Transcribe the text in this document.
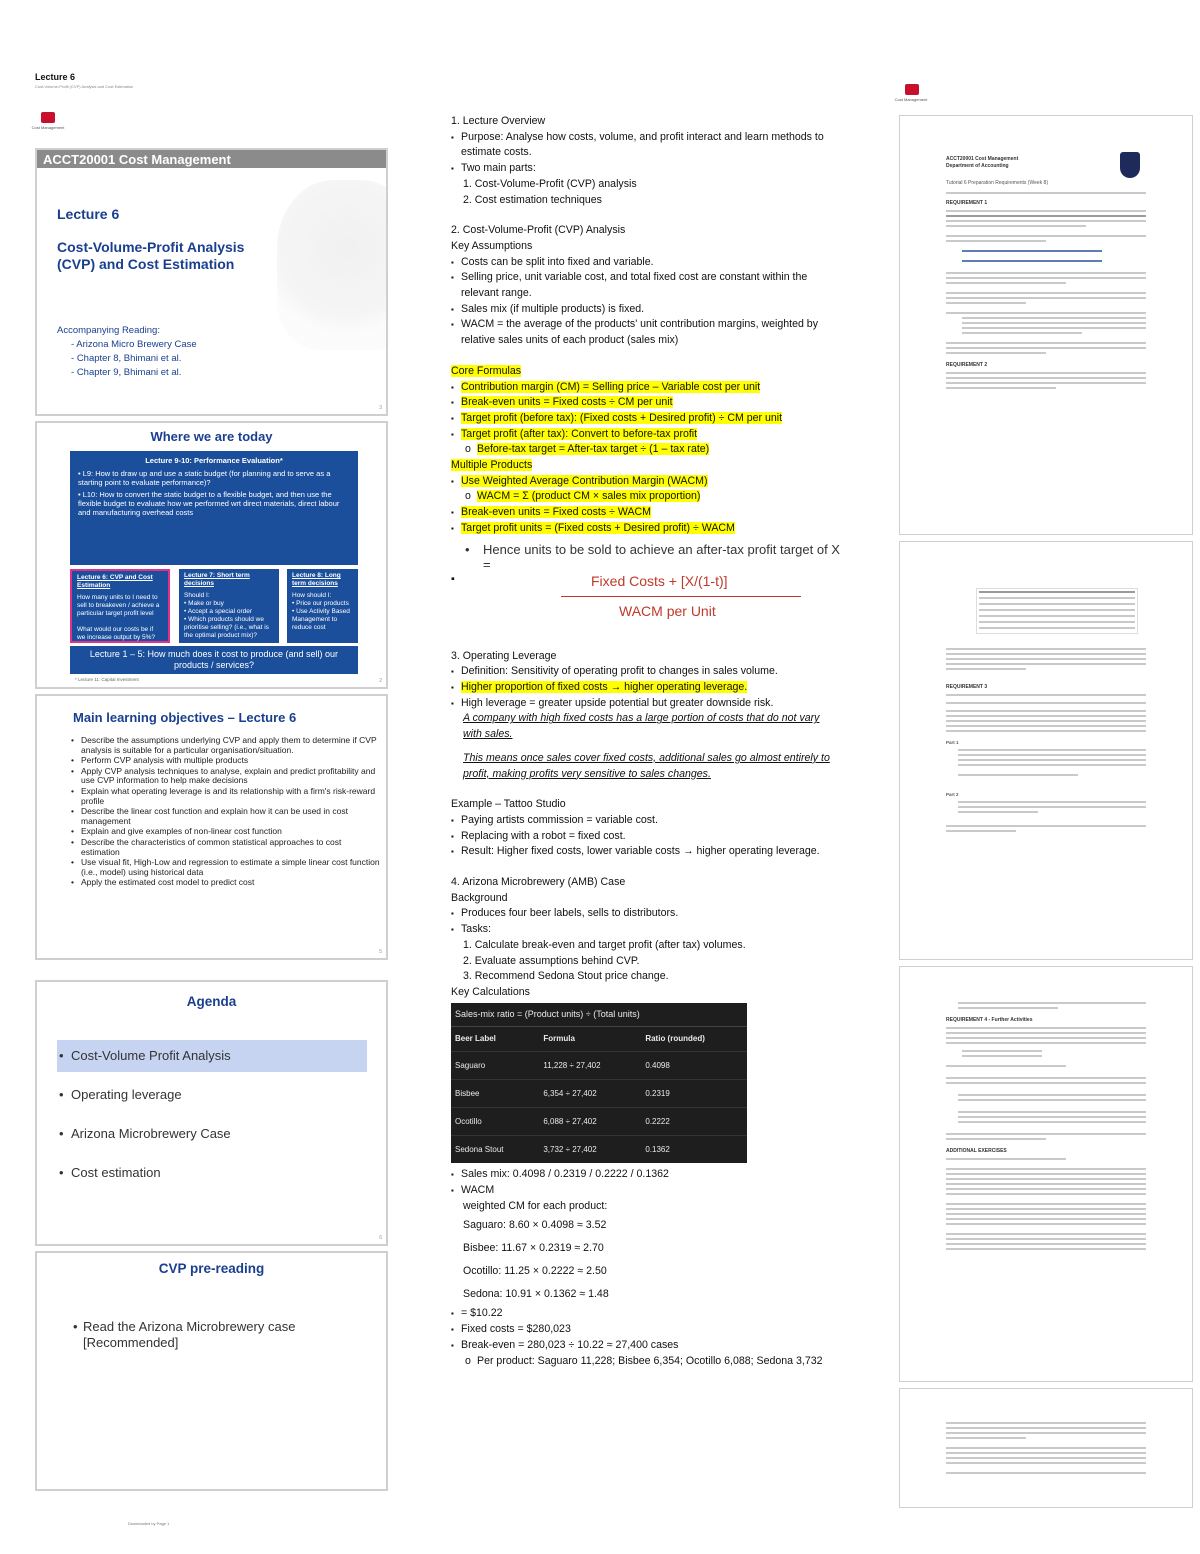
Lecture 6
Cost-Volume-Profit (CVP) Analysis and Cost Estimation
Cost Management
Cost Management
Downloaded by Page 1
ACCT20001 Cost Management
Lecture 6
Cost-Volume-Profit Analysis
(CVP) and Cost Estimation
Accompanying Reading:
- Arizona Micro Brewery Case
- Chapter 8, Bhimani et al.
- Chapter 9, Bhimani et al.
3
Where we are today
Lecture 9-10: Performance Evaluation*

• L9: How to draw up and use a static budget (for planning and to serve as a starting point to evaluate performance)?

• L10: How to convert the static budget to a flexible budget, and then use the flexible budget to evaluate how we performed wrt direct materials, direct labour and manufacturing overhead costs

Lecture 6: CVP and Cost Estimation
How many units to I need to sell to breakeven / achieve a particular target profit level

What would our costs be if we increase output by 5%?
Lecture 7: Short term decisions
Should I:
• Make or buy
• Accept a special order
• Which products should we prioritise selling? (i.e., what is the optimal product mix)?
Lecture 8: Long term decisions
How should I:
• Price our products
• Use Activity Based Management to reduce cost
Lecture 1 – 5: How much does it cost to produce (and sell) our products / services?
* Lecture 11: Capital Investment	2
Main learning objectives – Lecture 6
• Describe the assumptions underlying CVP and apply them to determine if CVP analysis is suitable for a particular organisation/situation.
• Perform CVP analysis with multiple products
• Apply CVP analysis techniques to analyse, explain and predict profitability and use CVP information to help make decisions
• Explain what operating leverage is and its relationship with a firm's risk-reward profile
• Describe the linear cost function and explain how it can be used in cost management
• Explain and give examples of non-linear cost function
• Describe the characteristics of common statistical approaches to cost estimation
• Use visual fit, High-Low and regression to estimate a simple linear cost function (i.e., model) using historical data
• Apply the estimated cost model to predict cost
5
Agenda
• Cost-Volume Profit Analysis
• Operating leverage
• Arizona Microbrewery Case
• Cost estimation
6
CVP pre-reading
• Read the Arizona Microbrewery case [Recommended]
1. Lecture Overview
▪ Purpose: Analyse how costs, volume, and profit interact and learn methods to estimate costs.
▪ Two main parts:
1. Cost-Volume-Profit (CVP) analysis
2. Cost estimation techniques
2. Cost-Volume-Profit (CVP) Analysis
Key Assumptions
▪ Costs can be split into fixed and variable.
▪ Selling price, unit variable cost, and total fixed cost are constant within the relevant range.
▪ Sales mix (if multiple products) is fixed.
▪ WACM = the average of the products' unit contribution margins, weighted by relative sales units of each product (sales mix)
Core Formulas
▪ Contribution margin (CM) = Selling price – Variable cost per unit
▪ Break-even units = Fixed costs ÷ CM per unit
▪ Target profit (before tax): (Fixed costs + Desired profit) ÷ CM per unit
▪ Target profit (after tax): Convert to before-tax profit
o Before-tax target = After-tax target ÷ (1 – tax rate)
Multiple Products
▪ Use Weighted Average Contribution Margin (WACM)
o WACM = Σ (product CM × sales mix proportion)
▪ Break-even units = Fixed costs ÷ WACM
▪ Target profit units = (Fixed costs + Desired profit) ÷ WACM
• Hence units to be sold to achieve an after-tax profit target of X =
▪	Fixed Costs + [X/(1-t)]
WACM per Unit
3. Operating Leverage
▪ Definition: Sensitivity of operating profit to changes in sales volume.
▪ Higher proportion of fixed costs → higher operating leverage.
▪ High leverage = greater upside potential but greater downside risk.
A company with high fixed costs has a large portion of costs that do not vary with sales.
This means once sales cover fixed costs, additional sales go almost entirely to profit, making profits very sensitive to sales changes.
Example – Tattoo Studio
▪ Paying artists commission = variable cost.
▪ Replacing with a robot = fixed cost.
▪ Result: Higher fixed costs, lower variable costs → higher operating leverage.
4. Arizona Microbrewery (AMB) Case
Background
▪ Produces four beer labels, sells to distributors.
▪ Tasks:
1. Calculate break-even and target profit (after tax) volumes.
2. Evaluate assumptions behind CVP.
3. Recommend Sedona Stout price change.
Key Calculations
Sales-mix ratio = (Product units) ÷ (Total units)
Beer Label	Formula	Ratio (rounded)
Saguaro	11,228 ÷ 27,402	0.4098
Bisbee	6,354 ÷ 27,402	0.2319
Ocotillo	6,088 ÷ 27,402	0.2222
Sedona Stout	3,732 ÷ 27,402	0.1362
▪ Sales mix: 0.4098 / 0.2319 / 0.2222 / 0.1362
▪ WACM
weighted CM for each product:
Saguaro: 8.60 × 0.4098 ≈ 3.52
Bisbee: 11.67 × 0.2319 ≈ 2.70
Ocotillo: 11.25 × 0.2222 ≈ 2.50
Sedona: 10.91 × 0.1362 ≈ 1.48
▪ = $10.22
▪ Fixed costs = $280,023
▪ Break-even = 280,023 ÷ 10.22 ≈ 27,400 cases
o Per product: Saguaro 11,228; Bisbee 6,354; Ocotillo 6,088; Sedona 3,732
ACCT20001 Cost Management
Department of Accounting
Tutorial 6 Preparation Requirements (Week 8)
REQUIREMENT 1
REQUIREMENT 2
REQUIREMENT 3
Part 1
Part 2
REQUIREMENT 4 - Further Activities
ADDITIONAL EXERCISES
